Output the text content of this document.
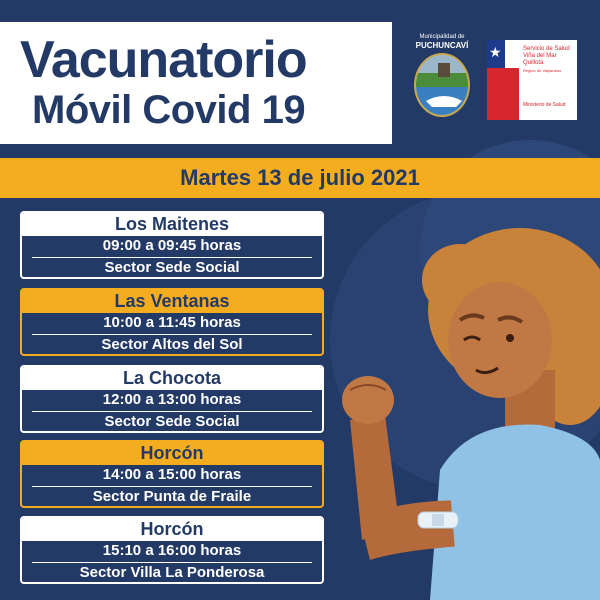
Vacunatorio
Móvil Covid 19
Municipalidad de
PUCHUNCAVÍ	★	Servicio de Salud
Viña del Mar
Quillota
Región de Valparaíso
Ministerio de Salud
Martes 13 de julio 2021
Los Maitenes
09:00 a 09:45 horas
Sector Sede Social
Las Ventanas
10:00 a 11:45 horas
Sector Altos del Sol
La Chocota
12:00 a 13:00 horas
Sector Sede Social
Horcón
14:00 a 15:00 horas
Sector Punta de Fraile
Horcón
15:10 a 16:00 horas
Sector Villa La Ponderosa
